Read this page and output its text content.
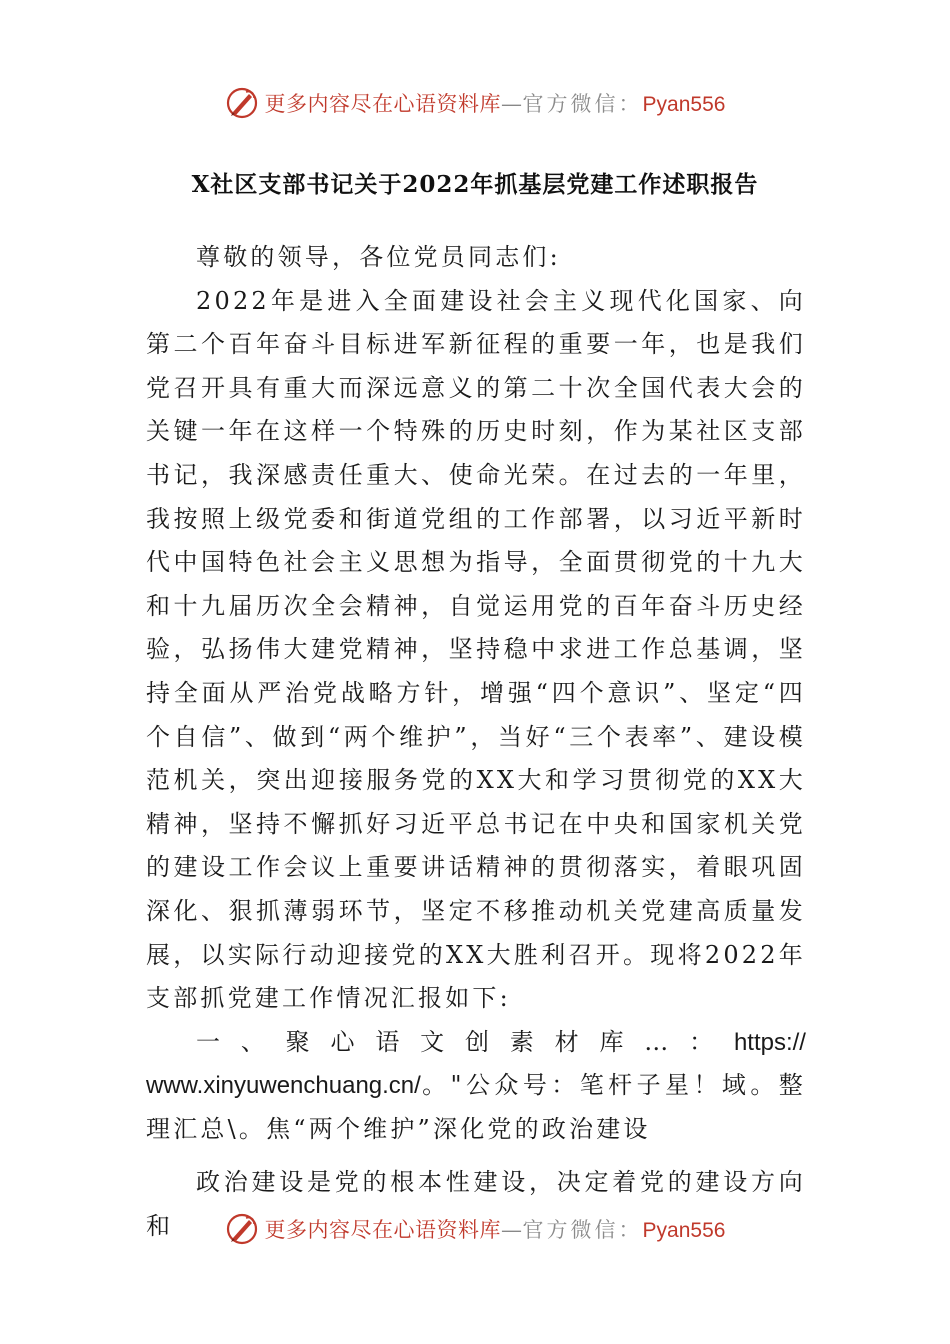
更多内容尽在心语资料库—官方微信：Pyan556
X社区支部书记关于2022年抓基层党建工作述职报告

尊敬的领导，各位党员同志们:

2022年是进入全面建设社会主义现代化国家、向第二个百年奋斗目标进军新征程的重要一年，也是我们党召开具有重大而深远意义的第二十次全国代表大会的关键一年在这样一个特殊的历史时刻，作为某社区支部书记，我深感责任重大、使命光荣。在过去的一年里，我按照上级党委和街道党组的工作部署，以习近平新时代中国特色社会主义思想为指导，全面贯彻党的十九大和十九届历次全会精神，自觉运用党的百年奋斗历史经验，弘扬伟大建党精神，坚持稳中求进工作总基调，坚持全面从严治党战略方针，增强“四个意识”、坚定“四个自信”、做到“两个维护”，当好“三个表率”、建设模范机关，突出迎接服务党的XX大和学习贯彻党的XX大精神，坚持不懈抓好习近平总书记在中央和国家机关党的建设工作会议上重要讲话精神的贯彻落实，着眼巩固深化、狠抓薄弱环节，坚定不移推动机关党建高质量发展，以实际行动迎接党的XX大胜利召开。现将2022年支部抓党建工作情况汇报如下:

一 、 聚 心 语 文 创 素 材 库 … ： https://

www.xinyuwenchuang.cn/。"公众号：笔杆子星！域。整理汇总\。焦“两个维护”深化党的政治建设

政治建设是党的根本性建设，决定着党的建设方向和	更多内容尽在心语资料库—官方微信：Pyan556
